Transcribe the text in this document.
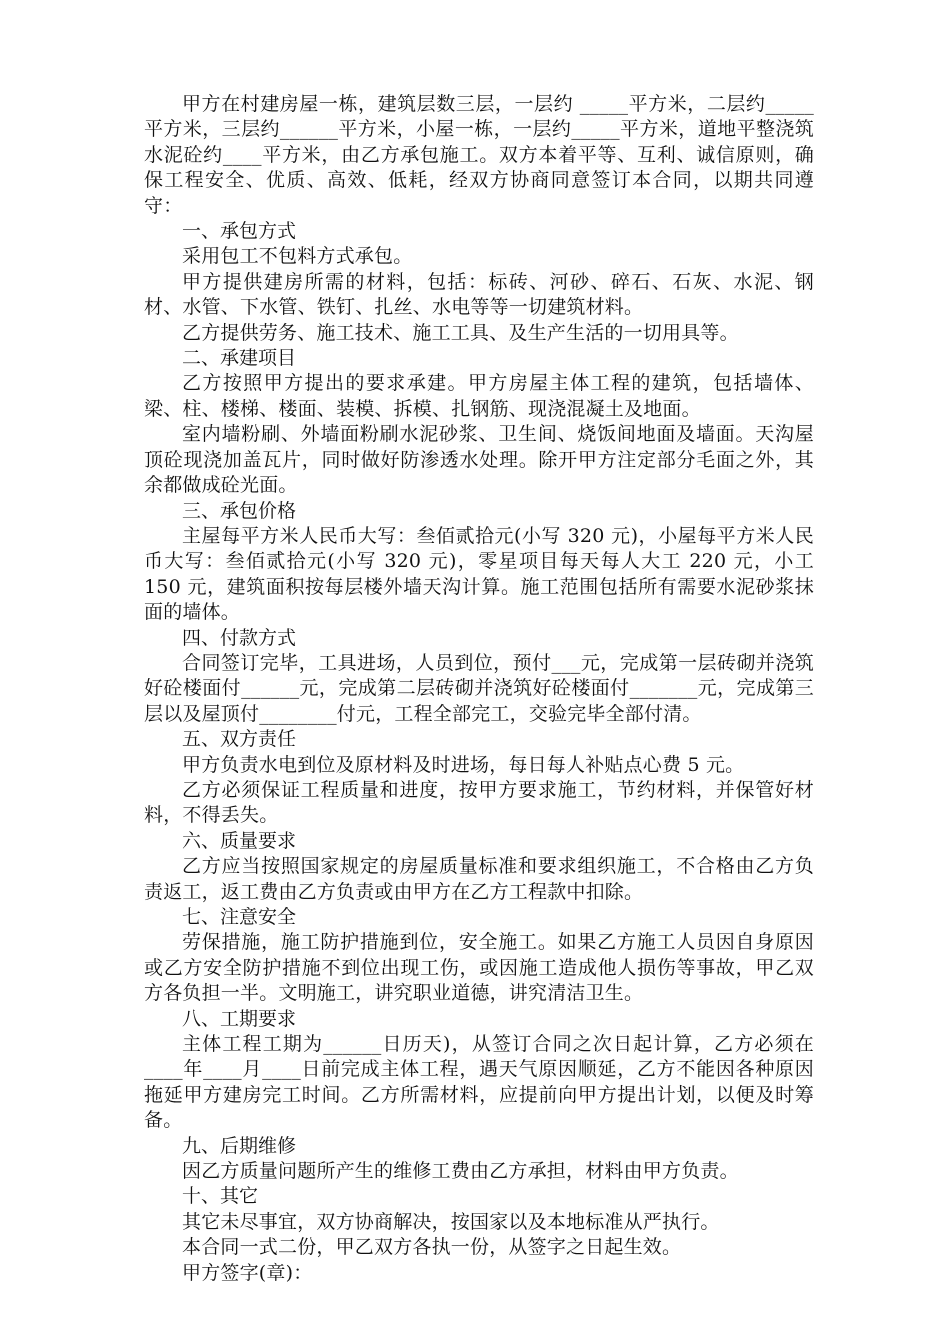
甲方在村建房屋一栋，建筑层数三层，一层约 _____平方米，二层约_____平方米，三层约______平方米，小屋一栋，一层约_____平方米，道地平整浇筑水泥砼约____平方米，由乙方承包施工。双方本着平等、互利、诚信原则，确保工程安全、优质、高效、低耗，经双方协商同意签订本合同，以期共同遵守：

一、承包方式

采用包工不包料方式承包。

甲方提供建房所需的材料，包括：标砖、河砂、碎石、石灰、水泥、钢材、水管、下水管、铁钉、扎丝、水电等等一切建筑材料。

乙方提供劳务、施工技术、施工工具、及生产生活的一切用具等。

二、承建项目

乙方按照甲方提出的要求承建。甲方房屋主体工程的建筑，包括墙体、梁、柱、楼梯、楼面、装模、拆模、扎钢筋、现浇混凝土及地面。

室内墙粉刷、外墙面粉刷水泥砂浆、卫生间、烧饭间地面及墙面。天沟屋顶砼现浇加盖瓦片，同时做好防渗透水处理。除开甲方注定部分毛面之外，其余都做成砼光面。

三、承包价格

主屋每平方米人民币大写：叁佰贰拾元(小写 320 元)，小屋每平方米人民币大写：叁佰贰拾元(小写 320 元)，零星项目每天每人大工 220 元，小工 150 元，建筑面积按每层楼外墙天沟计算。施工范围包括所有需要水泥砂浆抹面的墙体。

四、付款方式

合同签订完毕，工具进场，人员到位，预付___元，完成第一层砖砌并浇筑好砼楼面付______元，完成第二层砖砌并浇筑好砼楼面付_______元，完成第三层以及屋顶付________付元，工程全部完工，交验完毕全部付清。

五、双方责任

甲方负责水电到位及原材料及时进场，每日每人补贴点心费 5 元。

乙方必须保证工程质量和进度，按甲方要求施工，节约材料，并保管好材料，不得丢失。

六、质量要求

乙方应当按照国家规定的房屋质量标准和要求组织施工，不合格由乙方负责返工，返工费由乙方负责或由甲方在乙方工程款中扣除。

七、注意安全

劳保措施，施工防护措施到位，安全施工。如果乙方施工人员因自身原因或乙方安全防护措施不到位出现工伤，或因施工造成他人损伤等事故，甲乙双方各负担一半。文明施工，讲究职业道德，讲究清洁卫生。

八、工期要求

主体工程工期为______日历天)，从签订合同之次日起计算，乙方必须在____年____月____日前完成主体工程，遇天气原因顺延，乙方不能因各种原因拖延甲方建房完工时间。乙方所需材料，应提前向甲方提出计划，以便及时筹备。

九、后期维修

因乙方质量问题所产生的维修工费由乙方承担，材料由甲方负责。

十、其它

其它未尽事宜，双方协商解决，按国家以及本地标准从严执行。

本合同一式二份，甲乙双方各执一份，从签字之日起生效。

甲方签字(章)：
